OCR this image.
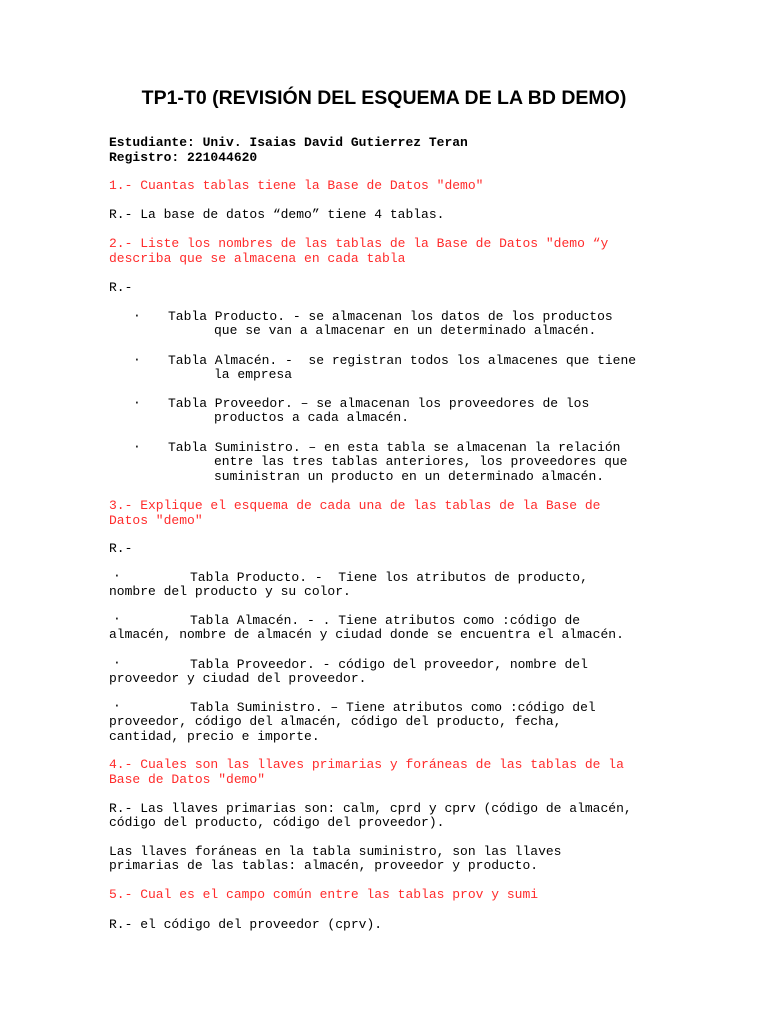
TP1-T0 (REVISIÓN DEL ESQUEMA DE LA BD DEMO)

Estudiante: Univ. Isaias David Gutierrez Teran

Registro: 221044620

1.- Cuantas tablas tiene la Base de Datos "demo"

R.- La base de datos “demo” tiene 4 tablas.

2.- Liste los nombres de las tablas de la Base de Datos "demo “y

describa que se almacena en cada tabla

R.-

· Tabla Producto. - se almacenan los datos de los productos
que se van a almacenar en un determinado almacén.
· Tabla Almacén. -  se registran todos los almacenes que tiene
la empresa
· Tabla Proveedor. – se almacenan los proveedores de los
productos a cada almacén.
· Tabla Suministro. – en esta tabla se almacenan la relación
entre las tres tablas anteriores, los proveedores que
suministran un producto en un determinado almacén.

3.- Explique el esquema de cada una de las tablas de la Base de

Datos "demo"

R.-

·	Tabla Producto. -  Tiene los atributos de producto,
nombre del producto y su color.
·	Tabla Almacén. - . Tiene atributos como :código de
almacén, nombre de almacén y ciudad donde se encuentra el almacén.
·	Tabla Proveedor. - código del proveedor, nombre del
proveedor y ciudad del proveedor.
·	Tabla Suministro. – Tiene atributos como :código del
proveedor, código del almacén, código del producto, fecha,
cantidad, precio e importe.

4.- Cuales son las llaves primarias y foráneas de las tablas de la

Base de Datos "demo"

R.- Las llaves primarias son: calm, cprd y cprv (código de almacén,

código del producto, código del proveedor).

Las llaves foráneas en la tabla suministro, son las llaves

primarias de las tablas: almacén, proveedor y producto.

5.- Cual es el campo común entre las tablas prov y sumi

R.- el código del proveedor (cprv).
